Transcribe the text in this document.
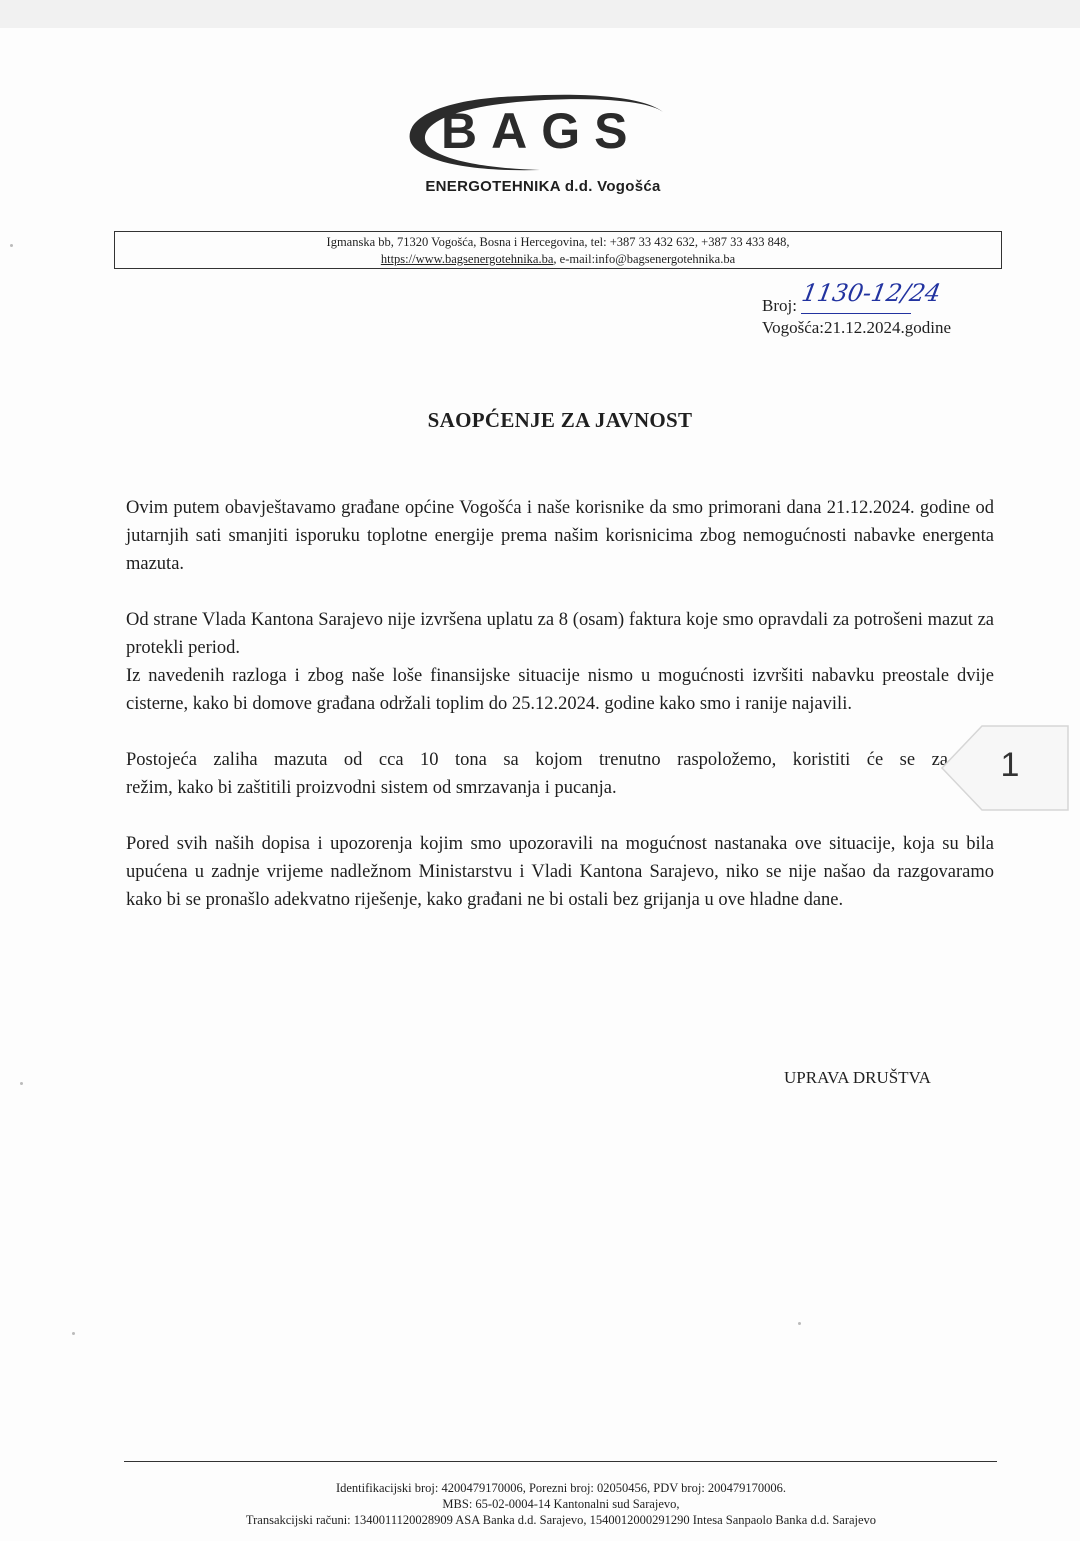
BAGS
ENERGOTEHNIKA d.d. Vogošća
Igmanska bb, 71320 Vogošća, Bosna i Hercegovina, tel: +387 33 432 632, +387 33 433 848,
https://www.bagsenergotehnika.ba, e-mail:info@bagsenergotehnika.ba
Broj: 1130-12/24
Vogošća:21.12.2024.godine
SAOPĆENJE ZA JAVNOST

Ovim putem obavještavamo građane općine Vogošća i naše korisnike da smo primorani dana 21.12.2024. godine od jutarnjih sati smanjiti isporuku toplotne energije prema našim korisnicima zbog nemogućnosti nabavke energenta mazuta.

Od strane Vlada Kantona Sarajevo nije izvršena uplatu za 8 (osam) faktura koje smo opravdali za potrošeni mazut za protekli period.

Iz navedenih razloga i zbog naše loše finansijske situacije nismo u mogućnosti izvršiti nabavku preostale dvije cisterne, kako bi domove građana održali toplim do 25.12.2024. godine kako smo i ranije najavili.

Postojeća zaliha mazuta od cca 10 tona sa kojom trenutno raspoložemo, koristiti će se za

režim, kako bi zaštitili proizvodni sistem od smrzavanja i pucanja.

Pored svih naših dopisa i upozorenja kojim smo upozoravili na mogućnost nastanaka ove situacije, koja su bila upućena u zadnje vrijeme nadležnom Ministarstvu i Vladi Kantona Sarajevo, niko se nije našao da razgovaramo kako bi se pronašlo adekvatno riješenje, kako građani ne bi ostali bez grijanja u ove hladne dane.

1
UPRAVA DRUŠTVA
Identifikacijski broj: 4200479170006, Porezni broj: 02050456, PDV broj: 200479170006.
MBS: 65-02-0004-14 Kantonalni sud Sarajevo,
Transakcijski računi: 1340011120028909 ASA Banka d.d. Sarajevo, 1540012000291290 Intesa Sanpaolo Banka d.d. Sarajevo
